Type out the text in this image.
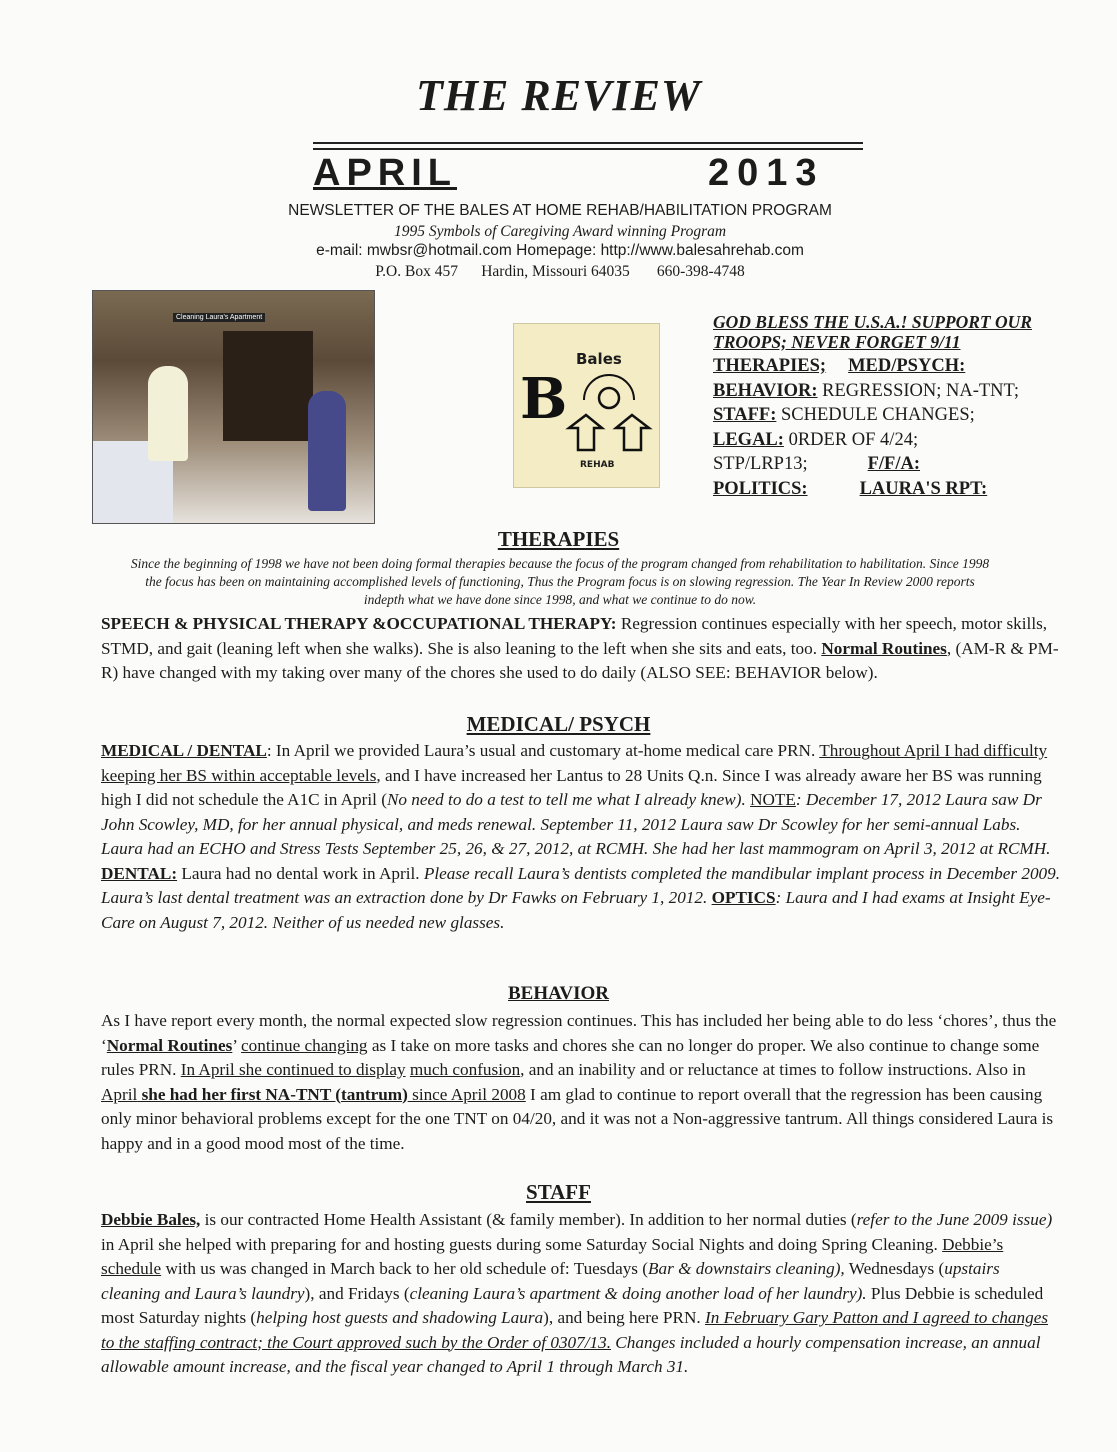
THE REVIEW
APRIL	2013
NEWSLETTER OF THE BALES AT HOME REHAB/HABILITATION PROGRAM
1995 Symbols of Caregiving Award winning Program
e-mail: mwbsr@hotmail.com Homepage: http://www.balesahrehab.com
P.O. Box 457      Hardin, Missouri 64035       660-398-4748
Cleaning Laura's Apartment
Bales
B
REHAB
GOD BLESS THE U.S.A.! SUPPORT OUR TROOPS; NEVER FORGET 9/11
THERAPIES; MED/PSYCH:
BEHAVIOR: REGRESSION; NA-TNT;
STAFF: SCHEDULE CHANGES;
LEGAL: 0RDER OF 4/24;
STP/LRP13;	F/F/A:
POLITICS:	LAURA'S RPT:
THERAPIES
Since the beginning of 1998 we have not been doing formal therapies because the focus of the program changed from rehabilitation to habilitation. Since 1998 the focus has been on maintaining accomplished levels of functioning, Thus the Program focus is on slowing regression. The Year In Review 2000 reports indepth what we have done since 1998, and what we continue to do now.
SPEECH & PHYSICAL THERAPY &OCCUPATIONAL THERAPY: Regression continues especially with her speech, motor skills, STMD, and gait (leaning left when she walks). She is also leaning to the left when she sits and eats, too. Normal Routines, (AM-R & PM-R) have changed with my taking over many of the chores she used to do daily (ALSO SEE: BEHAVIOR below).
MEDICAL/ PSYCH
MEDICAL / DENTAL: In April we provided Laura’s usual and customary at-home medical care PRN. Throughout April I had difficulty keeping her BS within acceptable levels, and I have increased her Lantus to 28 Units Q.n. Since I was already aware her BS was running high I did not schedule the A1C in April (No need to do a test to tell me what I already knew). NOTE: December 17, 2012 Laura saw Dr John Scowley, MD, for her annual physical, and meds renewal. September 11, 2012 Laura saw Dr Scowley for her semi-annual Labs. Laura had an ECHO and Stress Tests September 25, 26, & 27, 2012, at RCMH. She had her last mammogram on April 3, 2012 at RCMH. DENTAL: Laura had no dental work in April. Please recall Laura’s dentists completed the mandibular implant process in December 2009. Laura’s last dental treatment was an extraction done by Dr Fawks on February 1, 2012. OPTICS: Laura and I had exams at Insight Eye-Care on August 7, 2012. Neither of us needed new glasses.
BEHAVIOR
As I have report every month, the normal expected slow regression continues. This has included her being able to do less ‘chores’, thus the ‘Normal Routines’ continue changing as I take on more tasks and chores she can no longer do proper. We also continue to change some rules PRN. In April she continued to display much confusion, and an inability and or reluctance at times to follow instructions. Also in April she had her first NA-TNT (tantrum) since April 2008 I am glad to continue to report overall that the regression has been causing only minor behavioral problems except for the one TNT on 04/20, and it was not a Non-aggressive tantrum. All things considered Laura is happy and in a good mood most of the time.
STAFF
Debbie Bales, is our contracted Home Health Assistant (& family member). In addition to her normal duties (refer to the June 2009 issue) in April she helped with preparing for and hosting guests during some Saturday Social Nights and doing Spring Cleaning. Debbie’s schedule with us was changed in March back to her old schedule of: Tuesdays (Bar & downstairs cleaning), Wednesdays (upstairs cleaning and Laura’s laundry), and Fridays (cleaning Laura’s apartment & doing another load of her laundry). Plus Debbie is scheduled most Saturday nights (helping host guests and shadowing Laura), and being here PRN. In February Gary Patton and I agreed to changes to the staffing contract; the Court approved such by the Order of 0307/13. Changes included a hourly compensation increase, an annual allowable amount increase, and the fiscal year changed to April 1 through March 31.
